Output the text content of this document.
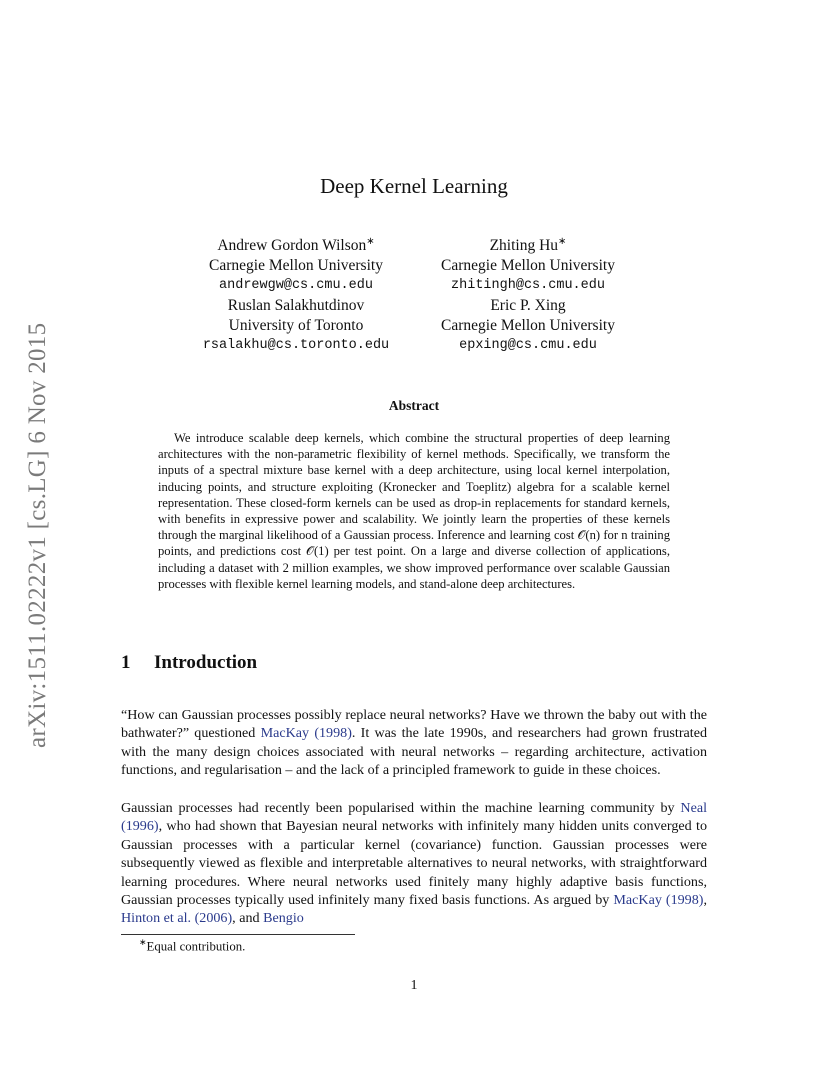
arXiv:1511.02222v1 [cs.LG] 6 Nov 2015
Deep Kernel Learning
Andrew Gordon Wilson∗
Carnegie Mellon University
andrewgw@cs.cmu.edu
Zhiting Hu∗
Carnegie Mellon University
zhitingh@cs.cmu.edu
Ruslan Salakhutdinov
University of Toronto
rsalakhu@cs.toronto.edu
Eric P. Xing
Carnegie Mellon University
epxing@cs.cmu.edu
Abstract
We introduce scalable deep kernels, which combine the structural properties of deep learning architectures with the non-parametric flexibility of kernel methods. Specifically, we transform the inputs of a spectral mixture base kernel with a deep architecture, using local kernel interpolation, inducing points, and structure exploiting (Kronecker and Toeplitz) algebra for a scalable kernel representation. These closed-form kernels can be used as drop-in replacements for standard kernels, with benefits in expressive power and scalability. We jointly learn the properties of these kernels through the marginal likelihood of a Gaussian process. Inference and learning cost 𝒪(n) for n training points, and predictions cost 𝒪(1) per test point. On a large and diverse collection of applications, including a dataset with 2 million examples, we show improved performance over scalable Gaussian processes with flexible kernel learning models, and stand-alone deep architectures.
1 Introduction
“How can Gaussian processes possibly replace neural networks? Have we thrown the baby out with the bathwater?” questioned MacKay (1998). It was the late 1990s, and researchers had grown frustrated with the many design choices associated with neural networks – regarding architecture, activation functions, and regularisation – and the lack of a principled framework to guide in these choices.
Gaussian processes had recently been popularised within the machine learning community by Neal (1996), who had shown that Bayesian neural networks with infinitely many hidden units converged to Gaussian processes with a particular kernel (covariance) function. Gaussian processes were subsequently viewed as flexible and interpretable alternatives to neural networks, with straightforward learning procedures. Where neural networks used finitely many highly adaptive basis functions, Gaussian processes typically used infinitely many fixed basis functions. As argued by MacKay (1998), Hinton et al. (2006), and Bengio
∗Equal contribution.
1
